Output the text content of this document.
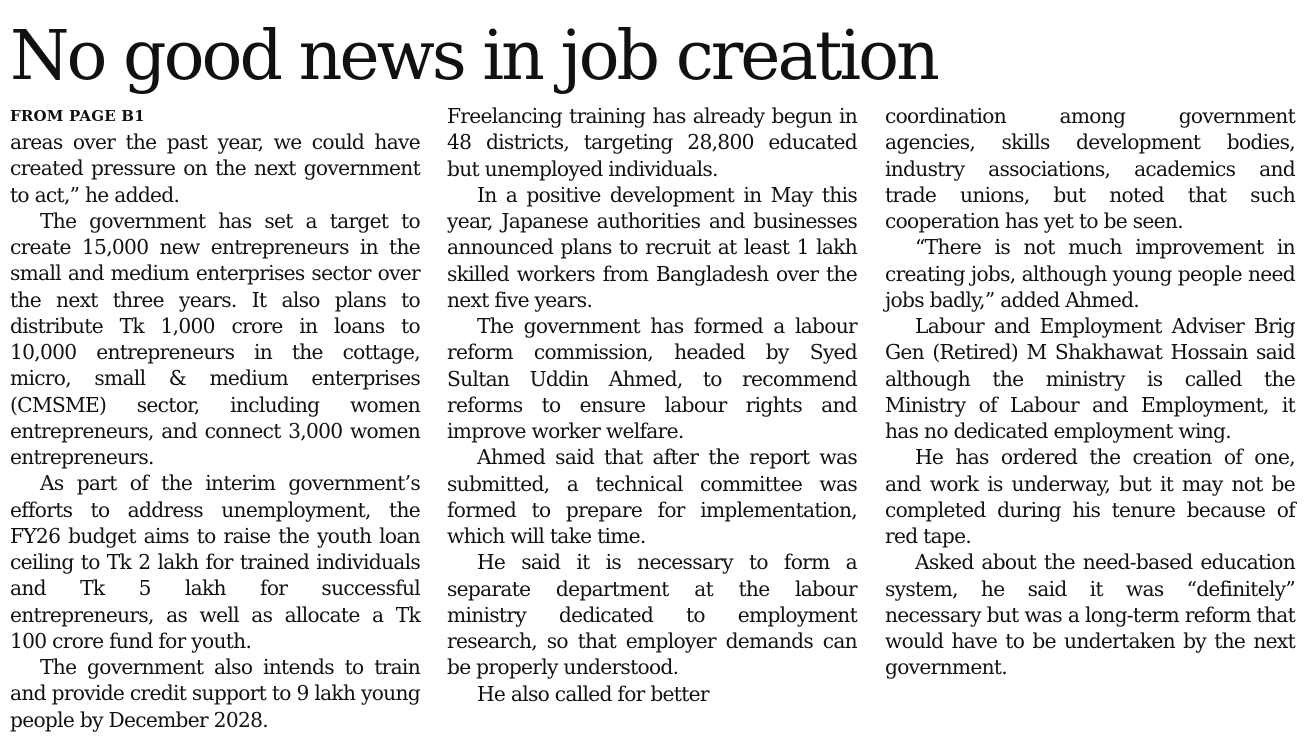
No good news in job creation
FROM PAGE B1

areas over the past year, we could have created pressure on the next government to act,” he added.

The government has set a target to create 15,000 new entrepreneurs in the small and medium enterprises sector over the next three years. It also plans to distribute Tk 1,000 crore in loans to 10,000 entrepreneurs in the cottage, micro, small & medium enterprises (CMSME) sector, including women entrepreneurs, and connect 3,000 women entrepreneurs.

As part of the interim government’s efforts to address unemployment, the FY26 budget aims to raise the youth loan ceiling to Tk 2 lakh for trained individuals and Tk 5 lakh for successful entrepreneurs, as well as allocate a Tk 100 crore fund for youth.

The government also intends to train and provide credit support to 9 lakh young people by December 2028.

Freelancing training has already begun in 48 districts, targeting 28,800 educated but unemployed individuals.

In a positive development in May this year, Japanese authorities and businesses announced plans to recruit at least 1 lakh skilled workers from Bangladesh over the next five years.

The government has formed a labour reform commission, headed by Syed Sultan Uddin Ahmed, to recommend reforms to ensure labour rights and improve worker welfare.

Ahmed said that after the report was submitted, a technical committee was formed to prepare for implementation, which will take time.

He said it is necessary to form a separate department at the labour ministry dedicated to employment research, so that employer demands can be properly understood.

He also called for better

coordination among government agencies, skills development bodies, industry associations, academics and trade unions, but noted that such cooperation has yet to be seen.

“There is not much improvement in creating jobs, although young people need jobs badly,” added Ahmed.

Labour and Employment Adviser Brig Gen (Retired) M Shakhawat Hossain said although the ministry is called the Ministry of Labour and Employment, it has no dedicated employment wing.

He has ordered the creation of one, and work is underway, but it may not be completed during his tenure because of red tape.

Asked about the need-based education system, he said it was “definitely” necessary but was a long-term reform that would have to be undertaken by the next government.
